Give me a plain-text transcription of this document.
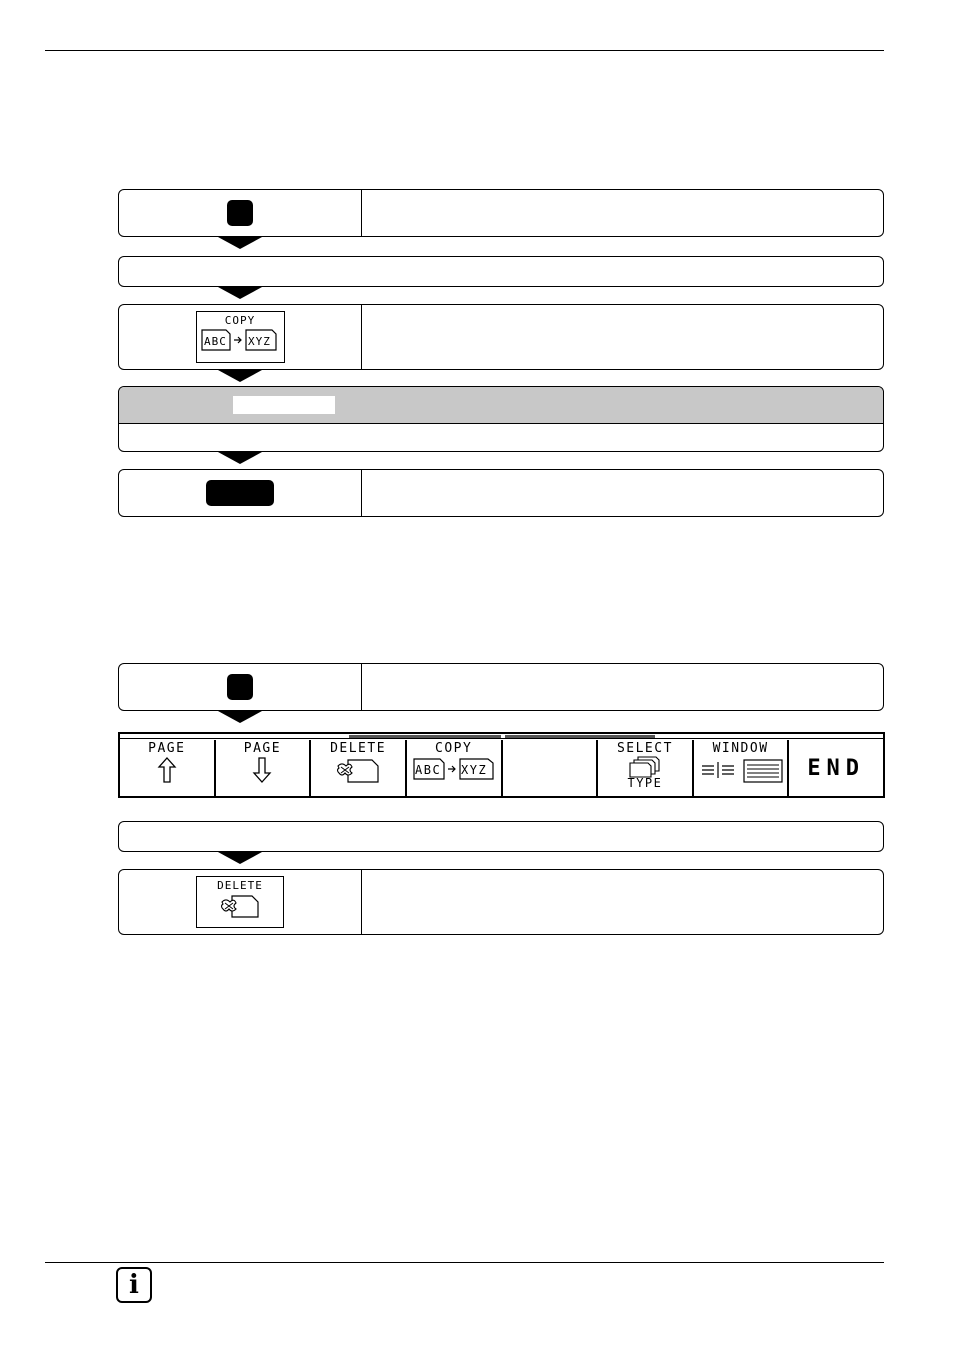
COPY
ABC XYZ
PAGE	PAGE	DELETE	COPY
ABC XYZ
SELECT
TYPE
WINDOW
END
DELETE
i
